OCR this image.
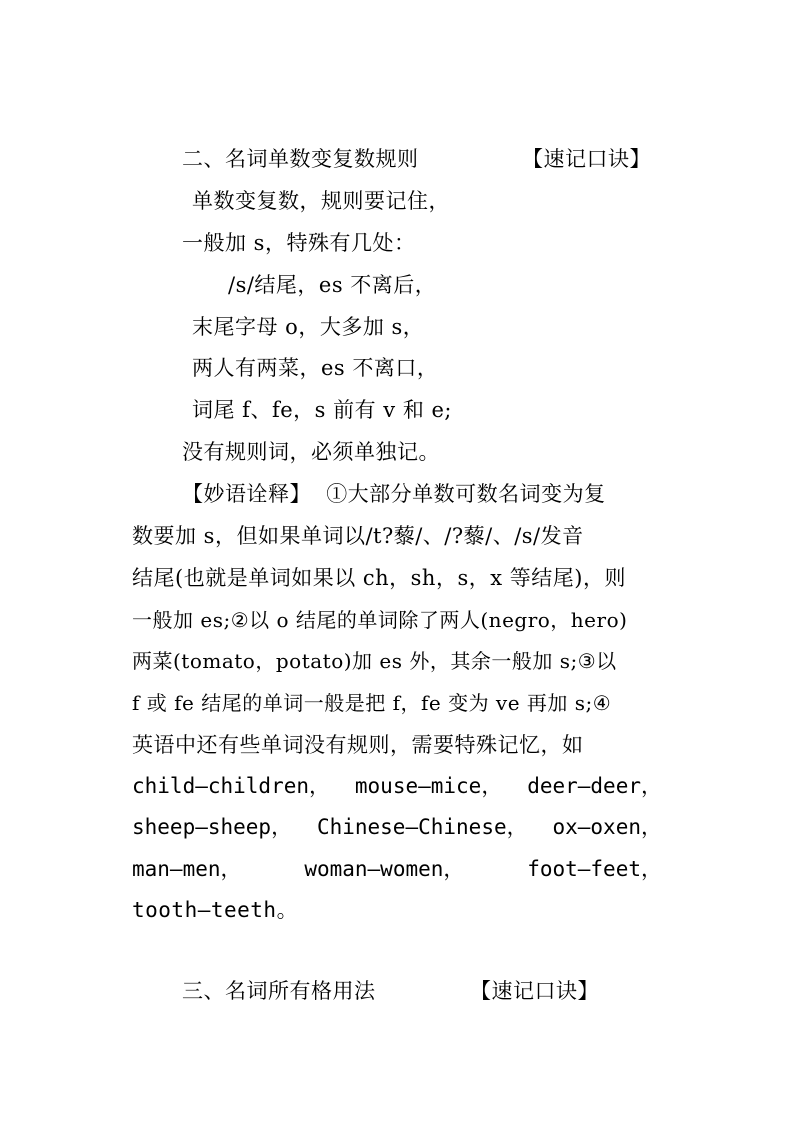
二、名词单数变复数规则	【速记口诀】
单数变复数，规则要记住，
一般加 s，特殊有几处：
/s/结尾，es 不离后，
末尾字母 o，大多加 s，
两人有两菜，es 不离口，
词尾 f、fe，s 前有 v 和 e;
没有规则词，必须单独记。
【妙语诠释】 ①大部分单数可数名词变为复
数要加 s，但如果单词以/t?藜/、/?藜/、/s/发音
结尾(也就是单词如果以 ch，sh，s，x 等结尾)，则
一般加 es;②以 o 结尾的单词除了两人(negro，hero)
两菜(tomato，potato)加 es 外，其余一般加 s;③以
f 或 fe 结尾的单词一般是把 f，fe 变为 ve 再加 s;④
英语中还有些单词没有规则，需要特殊记忆，如
child—children， mouse—mice， deer—deer，
sheep—sheep， Chinese—Chinese， ox—oxen，
man—men，	woman—women，	foot—feet，
tooth—teeth。
三、名词所有格用法	【速记口诀】
